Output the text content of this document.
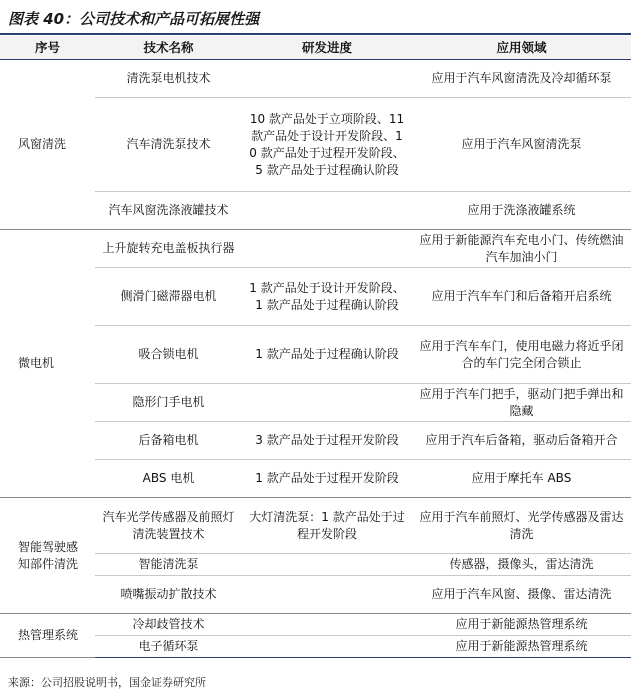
图表 40：公司技术和产品可拓展性强
序号	技术名称	研发进度	应用领域
风窗清洗	清洗泵电机技术		应用于汽车风窗清洗及冷却循环泵
	汽车清洗泵技术	10 款产品处于立项阶段、11 款产品处于设计开发阶段、10 款产品处于过程开发阶段、5 款产品处于过程确认阶段	应用于汽车风窗清洗泵
	汽车风窗洗涤液罐技术		应用于洗涤液罐系统
微电机	上升旋转充电盖板执行器		应用于新能源汽车充电小门、传统燃油汽车加油小门
	侧滑门磁滞器电机	1 款产品处于设计开发阶段、1 款产品处于过程确认阶段	应用于汽车车门和后备箱开启系统
	吸合锁电机	1 款产品处于过程确认阶段	应用于汽车车门，使用电磁力将近乎闭合的车门完全闭合锁止
	隐形门手电机		应用于汽车门把手，驱动门把手弹出和隐藏
	后备箱电机	3 款产品处于过程开发阶段	应用于汽车后备箱，驱动后备箱开合
	ABS 电机	1 款产品处于过程开发阶段	应用于摩托车 ABS
智能驾驶感知部件清洗	汽车光学传感器及前照灯清洗装置技术	大灯清洗泵：1 款产品处于过程开发阶段	应用于汽车前照灯、光学传感器及雷达清洗
	智能清洗泵		传感器，摄像头，雷达清洗
	喷嘴振动扩散技术		应用于汽车风窗、摄像、雷达清洗
热管理系统	冷却歧管技术		应用于新能源热管理系统
	电子循环泵		应用于新能源热管理系统
来源：公司招股说明书，国金证券研究所
